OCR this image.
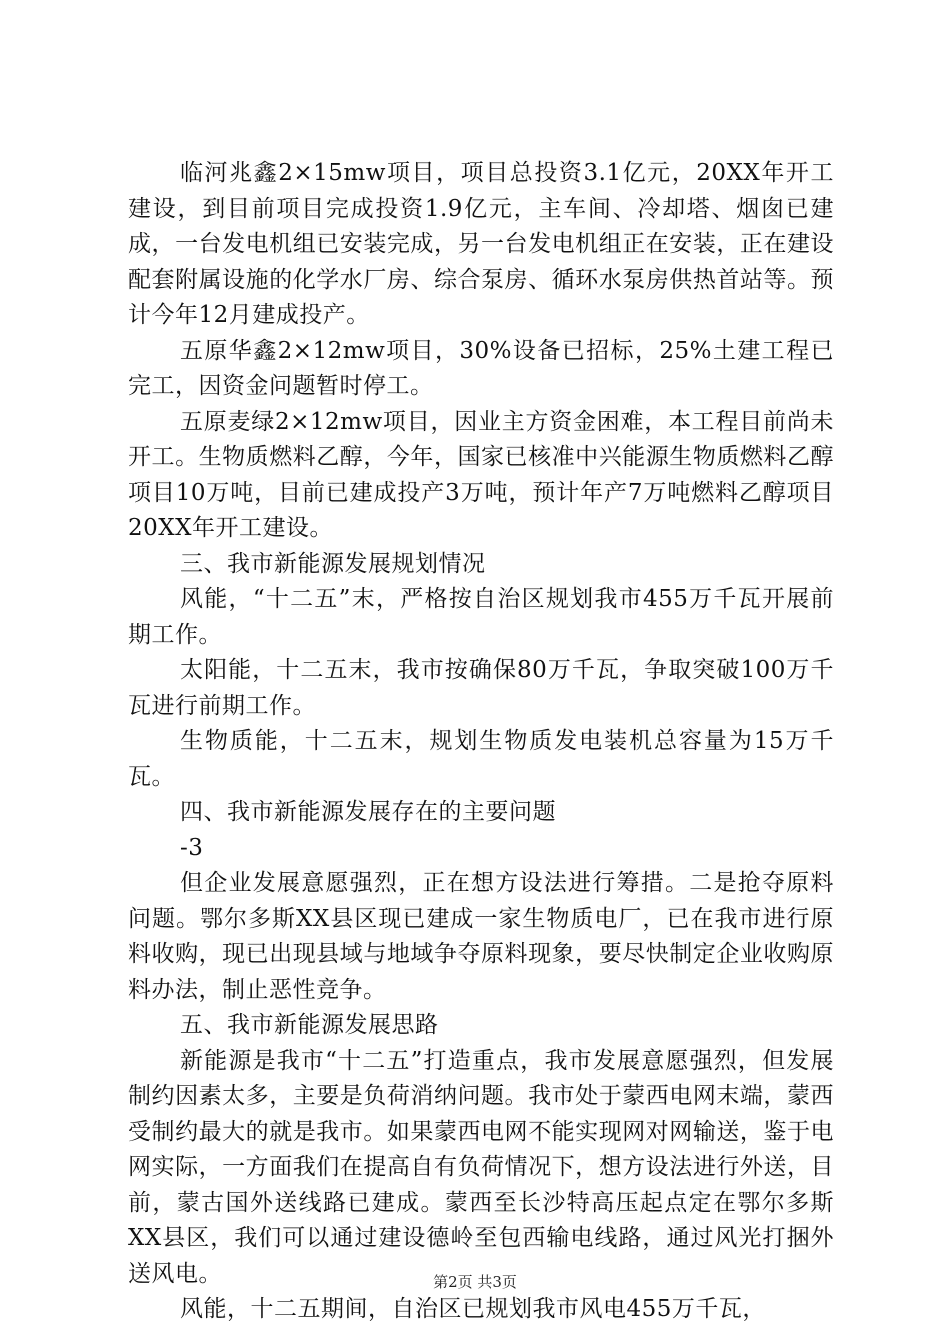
临河兆鑫2×15mw项目，项目总投资3.1亿元，20XX年开工建设，到目前项目完成投资1.9亿元，主车间、冷却塔、烟囱已建成，一台发电机组已安装完成，另一台发电机组正在安装，正在建设配套附属设施的化学水厂房、综合泵房、循环水泵房供热首站等。预计今年12月建成投产。

五原华鑫2×12mw项目，30%设备已招标，25%土建工程已完工，因资金问题暂时停工。

五原麦绿2×12mw项目，因业主方资金困难，本工程目前尚未开工。生物质燃料乙醇，今年，国家已核准中兴能源生物质燃料乙醇项目10万吨，目前已建成投产3万吨，预计年产7万吨燃料乙醇项目20XX年开工建设。

三、我市新能源发展规划情况

风能，“十二五”末，严格按自治区规划我市455万千瓦开展前期工作。

太阳能，十二五末，我市按确保80万千瓦，争取突破100万千瓦进行前期工作。

生物质能，十二五末，规划生物质发电装机总容量为15万千瓦。

四、我市新能源发展存在的主要问题

-3

但企业发展意愿强烈，正在想方设法进行筹措。二是抢夺原料问题。鄂尔多斯XX县区现已建成一家生物质电厂，已在我市进行原料收购，现已出现县域与地域争夺原料现象，要尽快制定企业收购原料办法，制止恶性竞争。

五、我市新能源发展思路

新能源是我市“十二五”打造重点，我市发展意愿强烈，但发展制约因素太多，主要是负荷消纳问题。我市处于蒙西电网末端，蒙西受制约最大的就是我市。如果蒙西电网不能实现网对网输送，鉴于电网实际，一方面我们在提高自有负荷情况下，想方设法进行外送，目前，蒙古国外送线路已建成。蒙西至长沙特高压起点定在鄂尔多斯XX县区，我们可以通过建设德岭至包西输电线路，通过风光打捆外送风电。

风能，十二五期间，自治区已规划我市风电455万千瓦，

第2页 共3页
